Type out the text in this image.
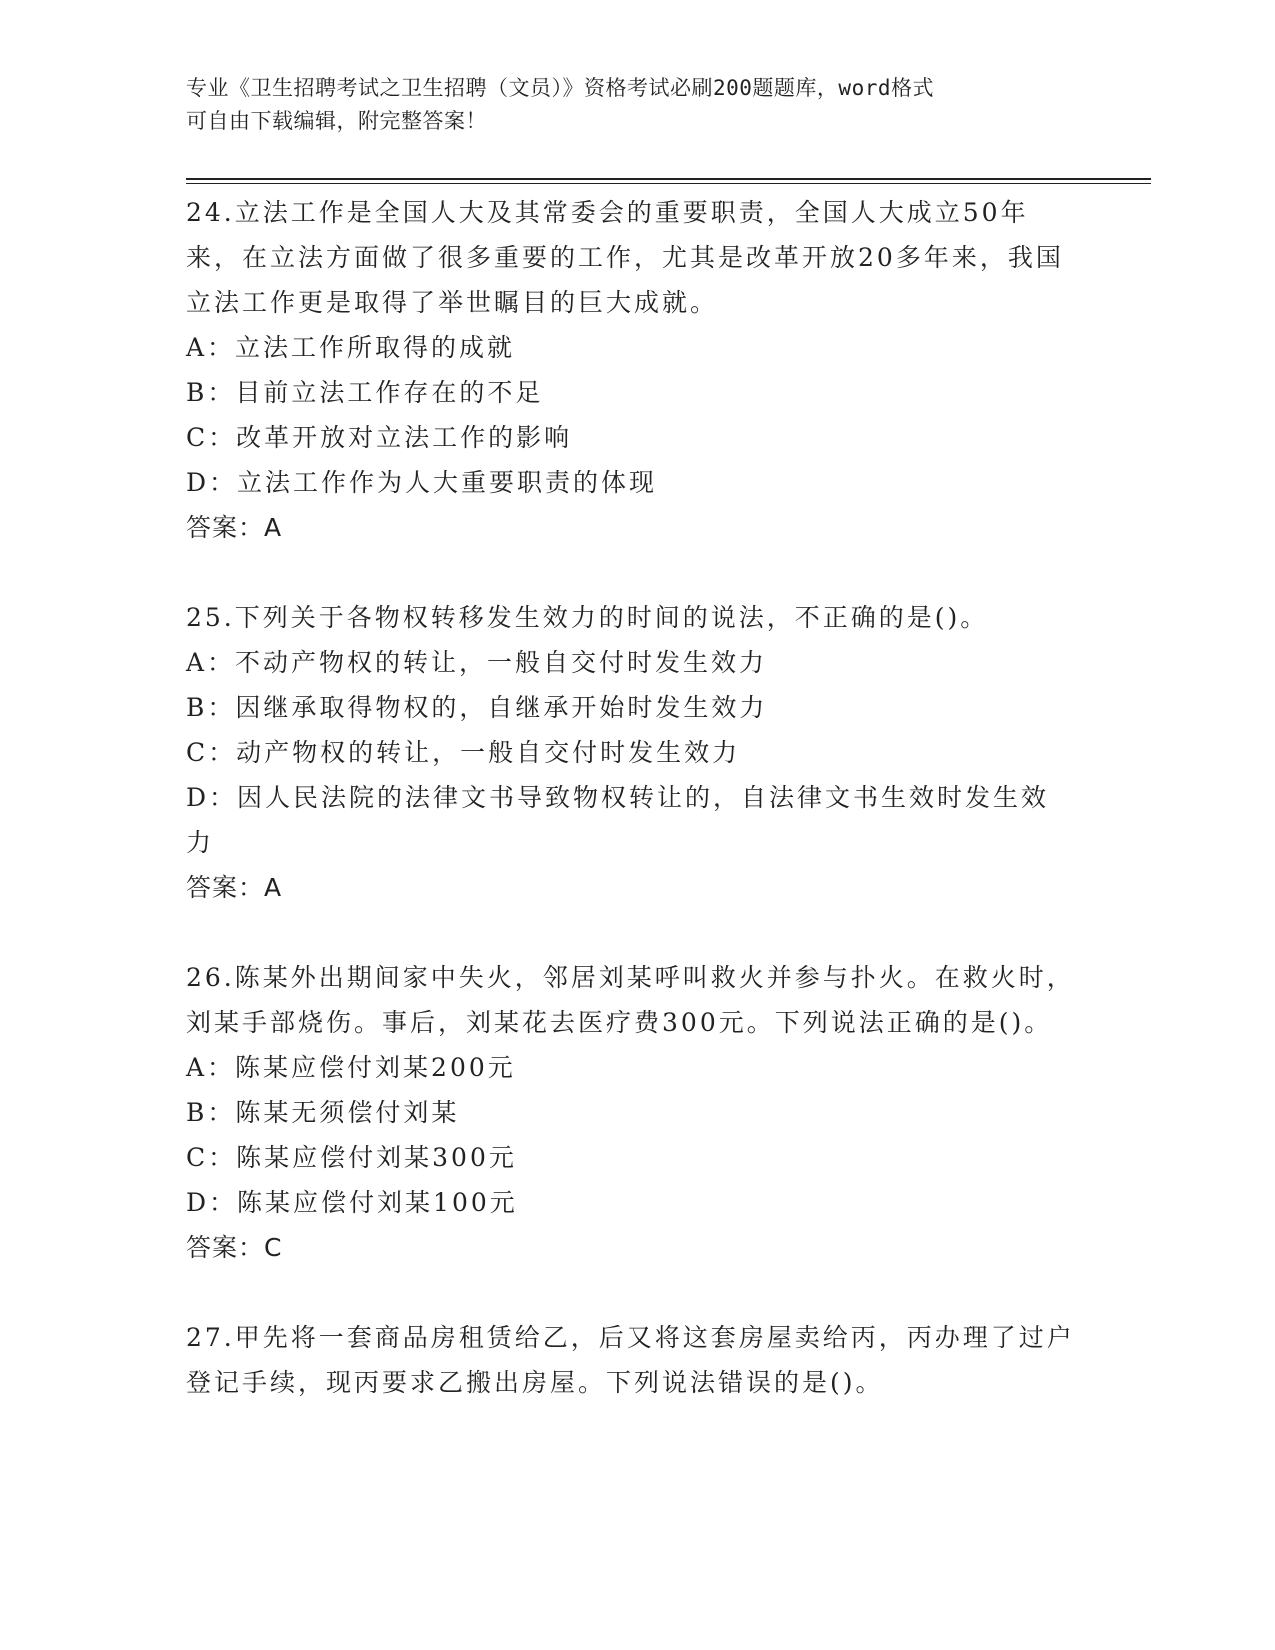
专业《卫生招聘考试之卫生招聘（文员）》资格考试必刷200题题库，word格式
可自由下载编辑，附完整答案！

24.立法工作是全国人大及其常委会的重要职责，全国人大成立50年来，在立法方面做了很多重要的工作，尤其是改革开放20多年来，我国立法工作更是取得了举世瞩目的巨大成就。

A：立法工作所取得的成就

B：目前立法工作存在的不足

C：改革开放对立法工作的影响

D：立法工作作为人大重要职责的体现

答案：A

25.下列关于各物权转移发生效力的时间的说法，不正确的是()。

A：不动产物权的转让，一般自交付时发生效力

B：因继承取得物权的，自继承开始时发生效力

C：动产物权的转让，一般自交付时发生效力

D：因人民法院的法律文书导致物权转让的，自法律文书生效时发生效力

答案：A

26.陈某外出期间家中失火，邻居刘某呼叫救火并参与扑火。在救火时，刘某手部烧伤。事后，刘某花去医疗费300元。下列说法正确的是()。

A：陈某应偿付刘某200元

B：陈某无须偿付刘某

C：陈某应偿付刘某300元

D：陈某应偿付刘某100元

答案：C

27.甲先将一套商品房租赁给乙，后又将这套房屋卖给丙，丙办理了过户登记手续，现丙要求乙搬出房屋。下列说法错误的是()。
